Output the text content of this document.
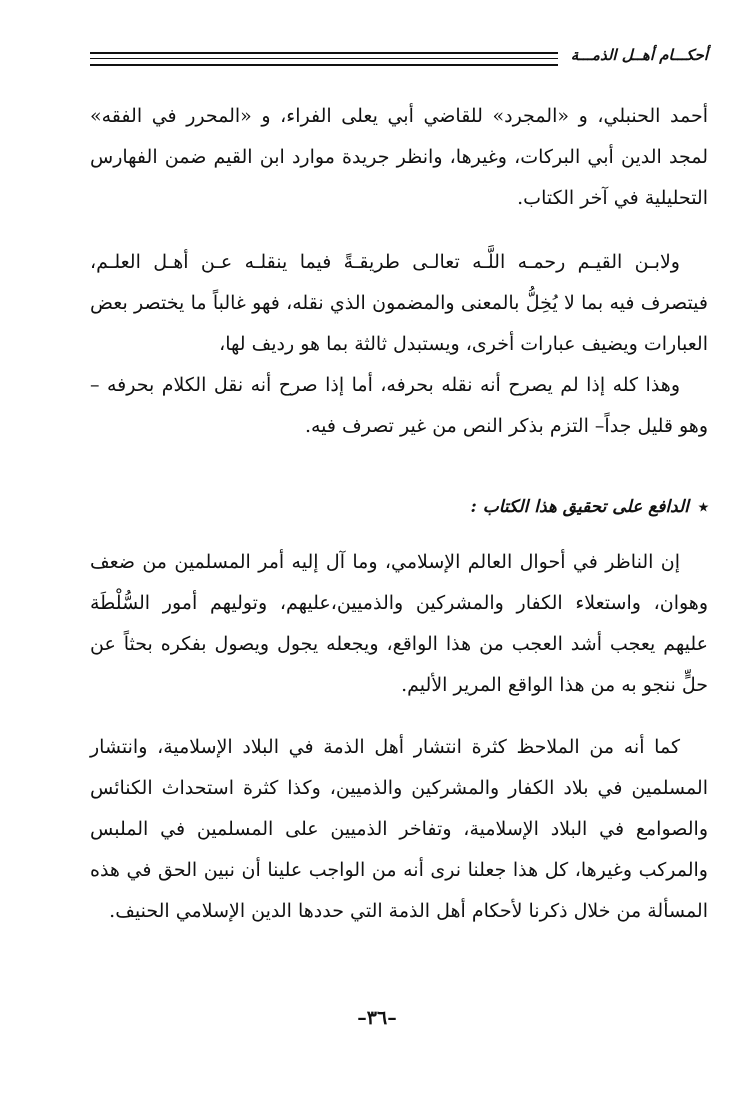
أحكـــام أهــل الذمـــة

أحمد الحنبلي، و «المجرد» للقاضي أبي يعلى الفراء، و «المحرر في الفقه» لمجد الدين أبي البركات، وغيرها، وانظر جريدة موارد ابن القيم ضمن الفهارس التحليلية في آخر الكتاب.

ولابـن القيـم رحمـه اللَّـه تعالـى طريقـةً فيما ينقلـه عـن أهـل العلـم، فيتصرف فيه بما لا يُخِلُّ بالمعنى والمضمون الذي نقله، فهو غالباً ما يختصر بعض العبارات ويضيف عبارات أخرى، ويستبدل ثالثة بما هو رديف لها،

وهذا كله إذا لم يصرح أنه نقله بحرفه، أما إذا صرح أنه نقل الكلام بحرفه –وهو قليل جداً– التزم بذكر النص من غير تصرف فيه.

⭑ الدافع على تحقيق هذا الكتاب :

إن الناظر في أحوال العالم الإسلامي، وما آل إليه أمر المسلمين من ضعف وهوان، واستعلاء الكفار والمشركين والذميين،عليهم، وتوليهم أمور السُّلْطَة عليهم يعجب أشد العجب من هذا الواقع، ويجعله يجول ويصول بفكره بحثاً عن حلٍّ ننجو به من هذا الواقع المرير الأليم.

كما أنه من الملاحظ كثرة انتشار أهل الذمة في البلاد الإسلامية، وانتشار المسلمين في بلاد الكفار والمشركين والذميين، وكذا كثرة استحداث الكنائس والصوامع في البلاد الإسلامية، وتفاخر الذميين على المسلمين في الملبس والمركب وغيرها، كل هذا جعلنا نرى أنه من الواجب علينا أن نبين الحق في هذه المسألة من خلال ذكرنا لأحكام أهل الذمة التي حددها الدين الإسلامي الحنيف.

–٣٦–
